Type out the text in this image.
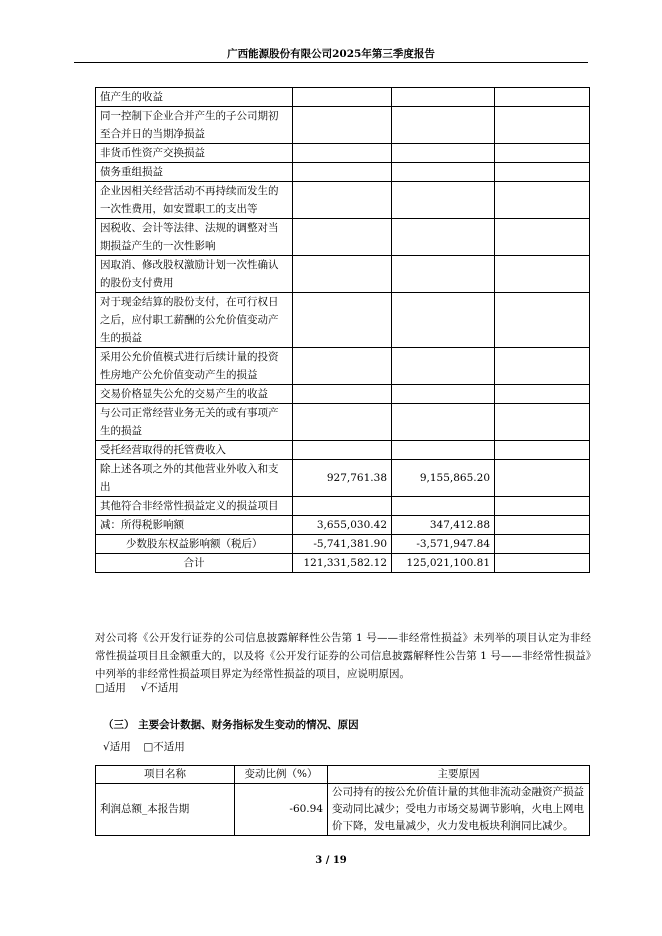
广西能源股份有限公司2025年第三季度报告
值产生的收益			
同一控制下企业合并产生的子公司期初至合并日的当期净损益			
非货币性资产交换损益			
债务重组损益			
企业因相关经营活动不再持续而发生的一次性费用，如安置职工的支出等			
因税收、会计等法律、法规的调整对当期损益产生的一次性影响			
因取消、修改股权激励计划一次性确认的股份支付费用			
对于现金结算的股份支付，在可行权日之后，应付职工薪酬的公允价值变动产生的损益			
采用公允价值模式进行后续计量的投资性房地产公允价值变动产生的损益			
交易价格显失公允的交易产生的收益			
与公司正常经营业务无关的或有事项产生的损益			
受托经营取得的托管费收入			
除上述各项之外的其他营业外收入和支出	927,761.38	9,155,865.20	
其他符合非经常性损益定义的损益项目			
减：所得税影响额	3,655,030.42	347,412.88	
少数股东权益影响额（税后）	-5,741,381.90	-3,571,947.84	
合计	121,331,582.12	125,021,100.81	
对公司将《公开发行证券的公司信息披露解释性公告第 1 号——非经常性损益》未列举的项目认定为非经常性损益项目且金额重大的，以及将《公开发行证券的公司信息披露解释性公告第 1 号——非经常性损益》中列举的非经常性损益项目界定为经常性损益的项目，应说明原因。
□适用 √不适用
（三） 主要会计数据、财务指标发生变动的情况、原因
√适用 □不适用
项目名称	变动比例（%）	主要原因
利润总额_本报告期	-60.94	公司持有的按公允价值计量的其他非流动金融资产损益变动同比减少；受电力市场交易调节影响，火电上网电价下降，发电量减少，火力发电板块利润同比减少。
3 / 19
